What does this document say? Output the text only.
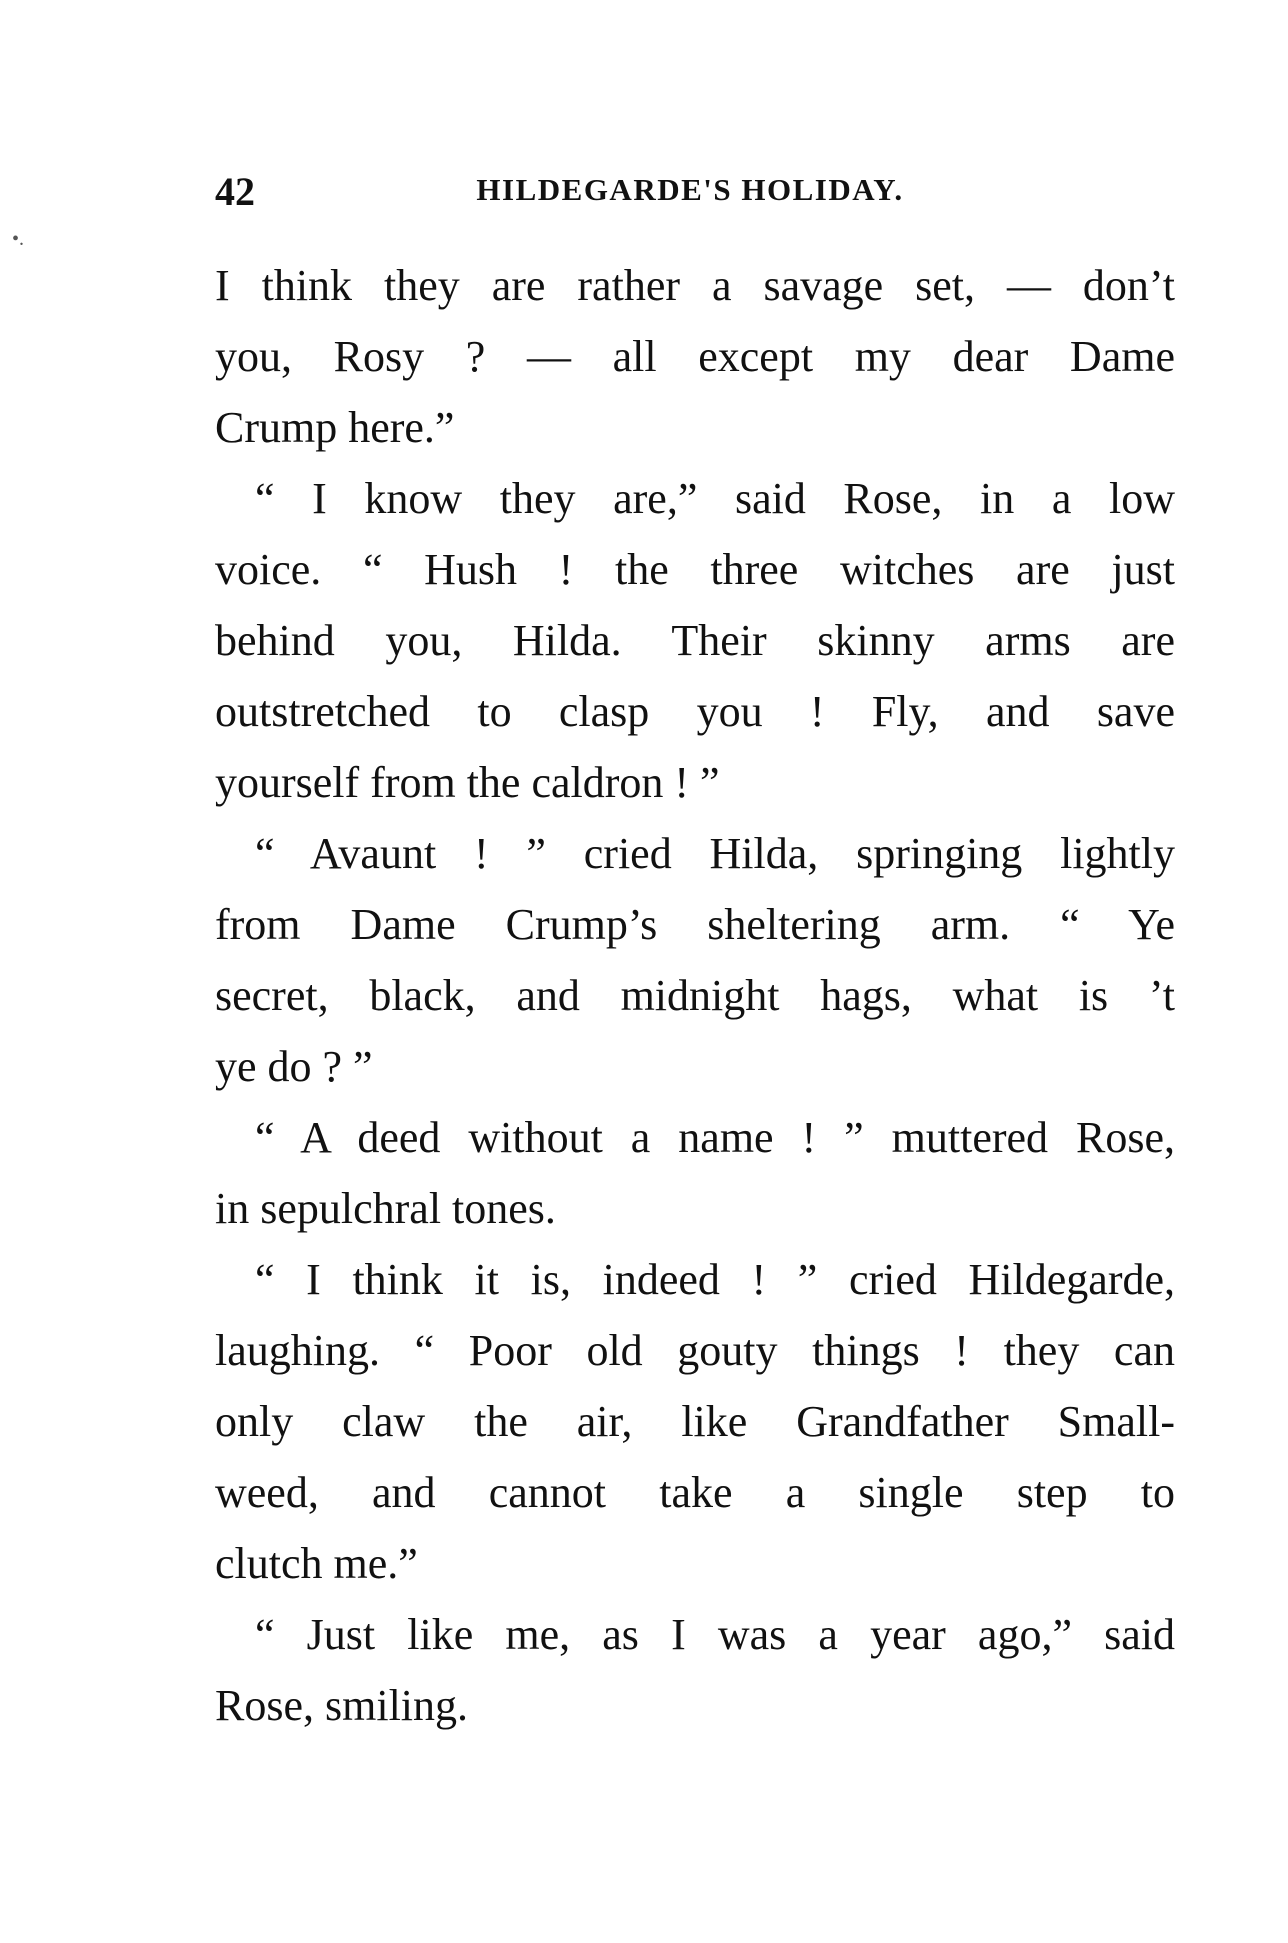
•.
42	HILDEGARDE'S HOLIDAY.
I think they are rather a savage set, — don’t
you, Rosy ? — all except my dear Dame
Crump here.”
“ I know they are,” said Rose, in a low
voice. “ Hush ! the three witches are just
behind you, Hilda. Their skinny arms are
outstretched to clasp you ! Fly, and save
yourself from the caldron ! ”
“ Avaunt ! ” cried Hilda, springing lightly
from Dame Crump’s sheltering arm. “ Ye
secret, black, and midnight hags, what is ’t
ye do ? ”
“ A deed without a name ! ” muttered Rose,
in sepulchral tones.
“ I think it is, indeed ! ” cried Hildegarde,
laughing. “ Poor old gouty things ! they can
only claw the air, like Grandfather Small-
weed, and cannot take a single step to
clutch me.”
“ Just like me, as I was a year ago,” said
Rose, smiling.
